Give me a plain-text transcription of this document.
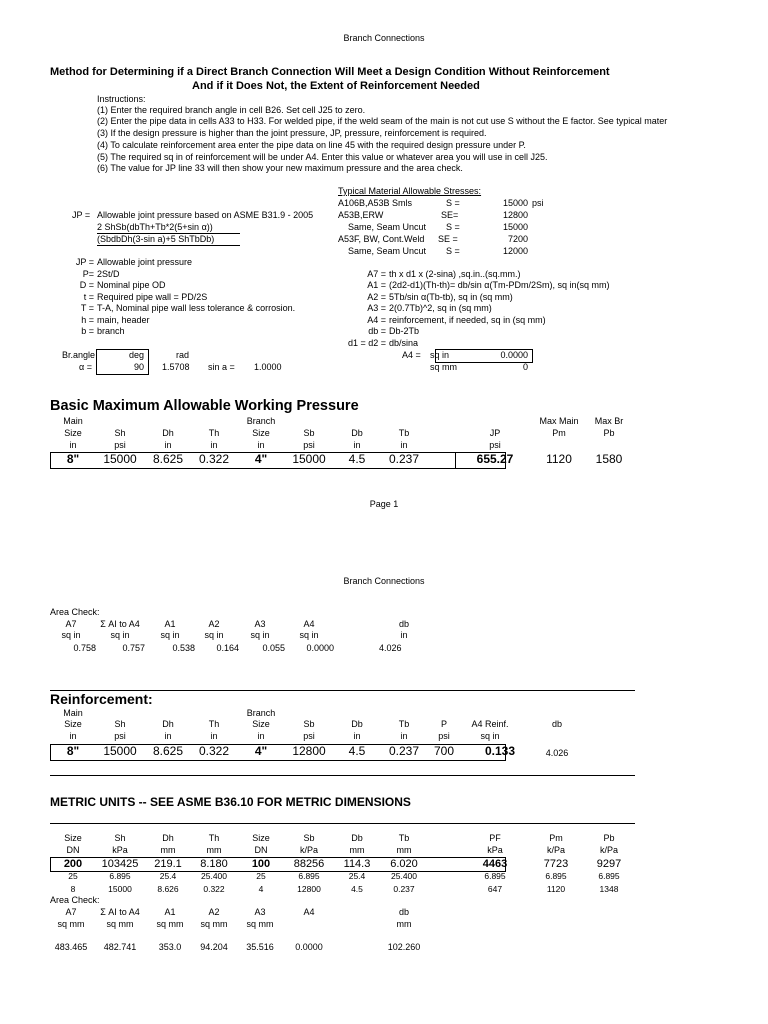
Branch Connections
Method for Determining if a Direct Branch Connection Will Meet a Design Condition Without Reinforcement
And if it Does Not, the Extent of Reinforcement Needed
Instructions:
(1) Enter the required branch angle in cell B26. Set cell J25 to zero.
(2) Enter the pipe data in cells A33 to H33. For welded pipe, if the weld seam of the main is not cut use S without the E factor. See typical mater
(3) If the design pressure is higher than the joint pressure, JP, pressure, reinforcement is required.
(4) To calculate reinforcement area enter the pipe data on line 45 with the required design pressure under P.
(5) The required sq in of reinforcement will be under A4. Enter this value or whatever area you will use in cell J25.
(6) The value for JP line 33 will then show your new maximum pressure and the area check.
Typical Material Allowable Stresses:
A106B,A53B Smls	S =	15000 psi
A53B,ERW	SE=	12800
Same, Seam Uncut S =	15000
A53F, BW, Cont.Weld	SE =	7200
Same, Seam Uncut S =	12000
JP = Allowable joint pressure based on ASME B31.9 - 2005
2 ShSb(dbTh+Tb*2(5+sin α))
(SbdbDh(3-sin a)+5 ShTbDb)
JP = Allowable joint pressure
P= 2St/D
D = Nominal pipe OD
t = Required pipe wall = PD/2S
T = T-A, Nominal pipe wall less tolerance & corrosion.
h = main, header
b = branch
A7 = th x d1 x (2-sina) ,sq.in..(sq.mm.)
A1 = (2d2-d1)(Th-th)= db/sin α(Tm-PDm/2Sm), sq in(sq mm)
A2 = 5Tb/sin α(Tb-tb), sq in (sq mm)
A3 = 2(0.7Tb)^2, sq in (sq mm)
A4 = reinforcement, if needed, sq in (sq mm)
db = Db-2Tb
d1 = d2 = db/sina
Br.angle
α =
deg
90
rad
1.5708 sin a = 1.0000
A4 = sq in	0.0000
sq mm	0
Basic Maximum Allowable Working Pressure
Main	Branch	Max Main	Max Br
Size	Sh	Dh	Th	Size	Sb	Db	Tb	JP	Pm	Pb
in	psi	in	in	in	psi	in	in	psi
8"	15000	8.625	0.322	4"	15000	4.5	0.237	655.27	1120	1580
Page 1
Branch Connections
Area Check:
A7	Σ AI to A4	A1	A2	A3	A4	db
sq in	sq in	sq in	sq in	sq in	sq in	in
0.758	0.757	0.538	0.164	0.055	0.0000	4.026
Reinforcement:
Main	Branch
Size	Sh	Dh	Th	Size	Sb	Db	Tb	P	A4 Reinf.	db
in	psi	in	in	in	psi	in	in	psi	sq in
8"	15000	8.625	0.322	4"	12800	4.5	0.237	700	0.133	4.026
METRIC UNITS -- SEE ASME B36.10 FOR METRIC DIMENSIONS
Size	Sh	Dh	Th	Size	Sb	Db	Tb	PF	Pm	Pb
DN	kPa	mm	mm	DN	k/Pa	mm	mm	kPa	k/Pa	k/Pa
200	103425	219.1	8.180	100	88256	114.3	6.020	4463	7723	9297
25	6.895	25.4	25.400	25	6.895	25.4	25.400	6.895	6.895	6.895
8	15000	8.626	0.322	4	12800	4.5	0.237	647	1120	1348
Area Check:
A7	Σ AI to A4	A1	A2	A3	A4	db
sq mm	sq mm	sq mm	sq mm	sq mm	mm
483.465	482.741	353.0	94.204	35.516	0.0000	102.260
